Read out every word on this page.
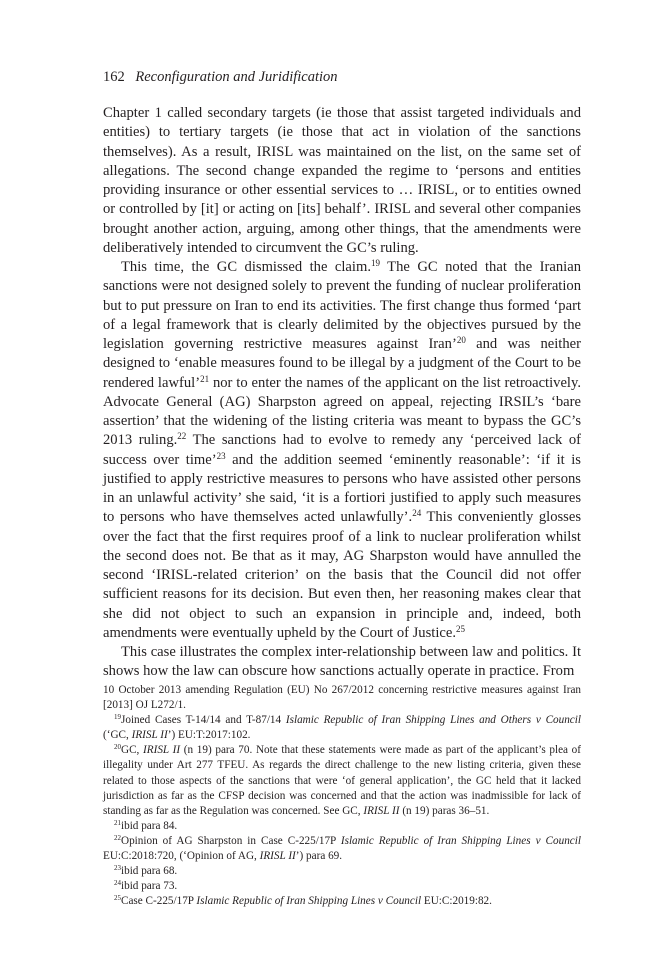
162 Reconfiguration and Juridification

Chapter 1 called secondary targets (ie those that assist targeted individuals and entities) to tertiary targets (ie those that act in violation of the sanctions themselves). As a result, IRISL was maintained on the list, on the same set of allegations. The second change expanded the regime to ‘persons and entities providing insurance or other essential services to … IRISL, or to entities owned or controlled by [it] or acting on [its] behalf’. IRISL and several other companies brought another action, arguing, among other things, that the amendments were deliberatively intended to circumvent the GC’s ruling.

This time, the GC dismissed the claim.$^{19}$ The GC noted that the Iranian sanctions were not designed solely to prevent the funding of nuclear proliferation but to put pressure on Iran to end its activities. The first change thus formed ‘part of a legal framework that is clearly delimited by the objectives pursued by the legislation governing restrictive measures against Iran’$^{20}$ and was neither designed to ‘enable measures found to be illegal by a judgment of the Court to be rendered lawful’$^{21}$ nor to enter the names of the applicant on the list retroactively. Advocate General (AG) Sharpston agreed on appeal, rejecting IRSIL’s ‘bare assertion’ that the widening of the listing criteria was meant to bypass the GC’s 2013 ruling.$^{22}$ The sanctions had to evolve to remedy any ‘perceived lack of success over time’$^{23}$ and the addition seemed ‘eminently reasonable’: ‘if it is justified to apply restrictive measures to persons who have assisted other persons in an unlawful activity’ she said, ‘it is a fortiori justified to apply such measures to persons who have themselves acted unlawfully’.$^{24}$ This conveniently glosses over the fact that the first requires proof of a link to nuclear proliferation whilst the second does not. Be that as it may, AG Sharpston would have annulled the second ‘IRISL-related criterion’ on the basis that the Council did not offer sufficient reasons for its decision. But even then, her reasoning makes clear that she did not object to such an expansion in principle and, indeed, both amendments were eventually upheld by the Court of Justice.$^{25}$

This case illustrates the complex inter-relationship between law and politics. It shows how the law can obscure how sanctions actually operate in practice. From

10 October 2013 amending Regulation (EU) No 267/2012 concerning restrictive measures against Iran [2013] OJ L272/1.

$^{19}$Joined Cases T-14/14 and T-87/14 Islamic Republic of Iran Shipping Lines and Others v Council (‘GC, IRISL II’) EU:T:2017:102.

$^{20}$GC, IRISL II (n 19) para 70. Note that these statements were made as part of the applicant’s plea of illegality under Art 277 TFEU. As regards the direct challenge to the new listing criteria, given these related to those aspects of the sanctions that were ‘of general application’, the GC held that it lacked jurisdiction as far as the CFSP decision was concerned and that the action was inadmissible for lack of standing as far as the Regulation was concerned. See GC, IRISL II (n 19) paras 36–51.

$^{21}$ibid para 84.

$^{22}$Opinion of AG Sharpston in Case C-225/17P Islamic Republic of Iran Shipping Lines v Council EU:C:2018:720, (‘Opinion of AG, IRISL II’) para 69.

$^{23}$ibid para 68.

$^{24}$ibid para 73.

$^{25}$Case C-225/17P Islamic Republic of Iran Shipping Lines v Council EU:C:2019:82.
